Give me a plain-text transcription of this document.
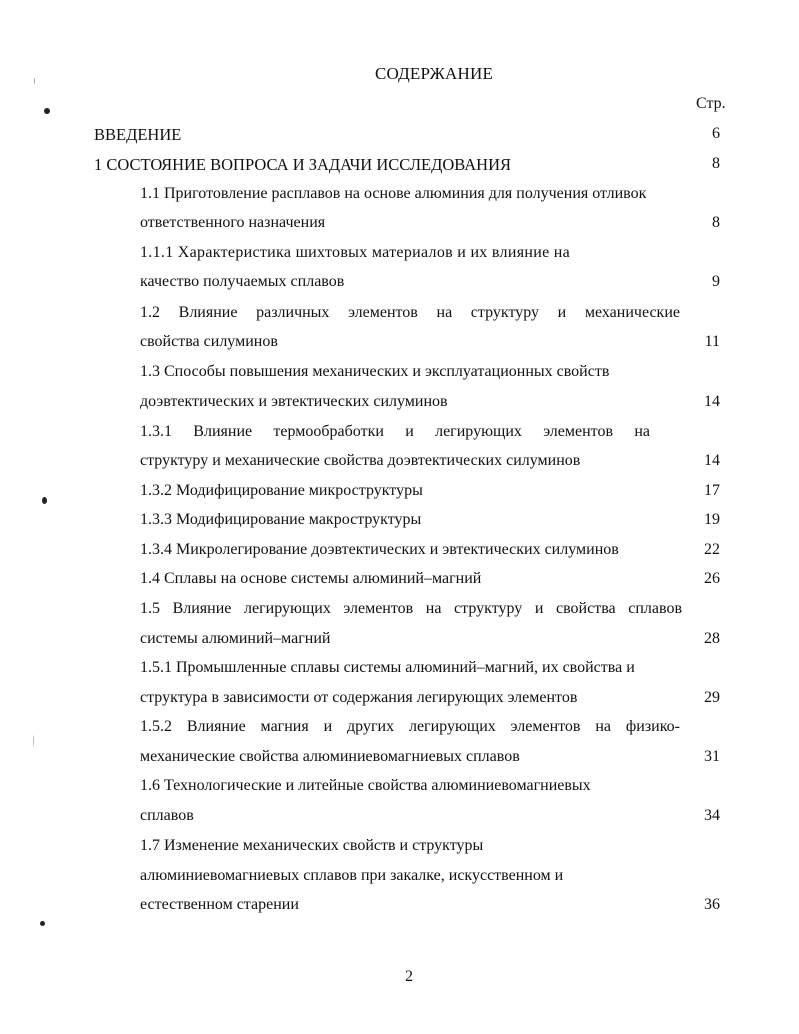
СОДЕРЖАНИЕ
Стр.
ВВЕДЕНИЕ	6
1 СОСТОЯНИЕ ВОПРОСА И ЗАДАЧИ ИССЛЕДОВАНИЯ	8
1.1 Приготовление расплавов на основе алюминия для получения отливок
ответственного назначения	8
1.1.1 Характеристика шихтовых материалов и их влияние на
качество получаемых сплавов	9
1.2 Влияние различных элементов на структуру и механические
свойства силуминов	11
1.3 Способы повышения механических и эксплуатационных свойств
доэвтектических и эвтектических силуминов	14
1.3.1 Влияние термообработки и легирующих элементов на
структуру и механические свойства доэвтектических силуминов	14
1.3.2 Модифицирование микроструктуры	17
1.3.3 Модифицирование макроструктуры	19
1.3.4 Микролегирование доэвтектических и эвтектических силуминов	22
1.4 Сплавы на основе системы алюминий–магний	26
1.5 Влияние легирующих элементов на структуру и свойства сплавов
системы алюминий–магний	28
1.5.1 Промышленные сплавы системы алюминий–магний, их свойства и
структура в зависимости от содержания легирующих элементов	29
1.5.2 Влияние магния и других легирующих элементов на физико-
механические свойства алюминиевомагниевых сплавов	31
1.6 Технологические и литейные свойства алюминиевомагниевых
сплавов	34
1.7 Изменение механических свойств и структуры
алюминиевомагниевых сплавов при закалке, искусственном и
естественном старении	36
2
